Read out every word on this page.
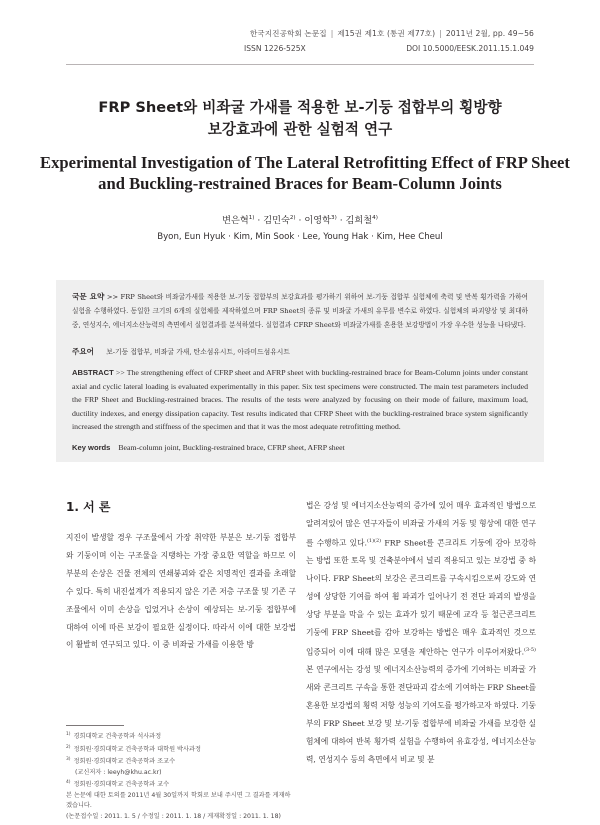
한국지진공학회 논문집 | 제15권 제1호 (통권 제77호) | 2011년 2월, pp. 49~56
ISSN 1226-525X	DOI 10.5000/EESK.2011.15.1.049
FRP Sheet와 비좌굴 가새를 적용한 보-기둥 접합부의 횡방향
보강효과에 관한 실험적 연구
Experimental Investigation of The Lateral Retrofitting Effect of FRP Sheet
and Buckling-restrained Braces for Beam-Column Joints
변은혁$^{1)}$ · 김민숙$^{2)}$ · 이영학$^{3)}$ · 김희철$^{4)}$
Byon, Eun Hyuk · Kim, Min Sook · Lee, Young Hak · Kim, Hee Cheul
국문 요약 >> FRP Sheet와 비좌굴가새를 적용한 보-기둥 접합부의 보강효과를 평가하기 위하여 보-기둥 접합부 실험체에 축력 및 반복 횡가력을 가하여 실험을 수행하였다. 동일한 크기의 6개의 실험체를 제작하였으며 FRP Sheet의 종류 및 비좌굴 가새의 유무를 변수로 하였다. 실험체의 파괴양상 및 최대하중, 연성지수, 에너지소산능력의 측면에서 실험결과를 분석하였다. 실험결과 CFRP Sheet와 비좌굴가새를 혼용한 보강방법이 가장 우수한 성능을 나타냈다.
주요어 보-기둥 접합부, 비좌굴 가새, 탄소섬유시트, 아라미드섬유시트
ABSTRACT >> The strengthening effect of CFRP sheet and AFRP sheet with buckling-restrained brace for Beam-Column joints under constant axial and cyclic lateral loading is evaluated experimentally in this paper. Six test specimens were constructed. The main test parameters included the FRP Sheet and Buckling-restrained braces. The results of the tests were analyzed by focusing on their mode of failure, maximum load, ductility indexes, and energy dissipation capacity. Test results indicated that CFRP Sheet with the buckling-restrained brace system significantly increased the strength and stiffness of the specimen and that it was the most adequate retrofitting method.
Key words Beam-column joint, Buckling-restrained brace, CFRP sheet, AFRP sheet
1. 서 론
지진이 발생할 경우 구조물에서 가장 취약한 부분은 보-기둥 접합부와 기둥이며 이는 구조물을 지탱하는 가장 중요한 역할을 하므로 이 부분의 손상은 건물 전체의 연쇄붕괴와 같은 치명적인 결과를 초래할 수 있다. 특히 내진설계가 적용되지 않은 기존 저층 구조물 및 기존 구조물에서 이미 손상을 입었거나 손상이 예상되는 보-기둥 접합부에 대하여 이에 따른 보강이 필요한 실정이다. 따라서 이에 대한 보강법이 활발히 연구되고 있다. 이 중 비좌굴 가새를 이용한 방
법은 강성 및 에너지소산능력의 증가에 있어 매우 효과적인 방법으로 알려져있어 많은 연구자들이 비좌굴 가새의 거동 및 형상에 대한 연구를 수행하고 있다.$^{(1)(2)}$ FRP Sheet를 콘크리트 기둥에 감아 보강하는 방법 또한 토목 및 건축분야에서 널리 적용되고 있는 보강법 중 하나이다. FRP Sheet의 보강은 콘크리트를 구속시킴으로써 강도와 연성에 상당한 기여를 하여 휨 파괴가 일어나기 전 전단 파괴의 발생을 상당 부분을 막을 수 있는 효과가 있기 때문에 교각 등 철근콘크리트 기둥에 FRP Sheet를 감아 보강하는 방법은 매우 효과적인 것으로 입증되어 이에 대해 많은 모델을 제안하는 연구가 이루어져왔다.$^{(3-5)}$ 본 연구에서는 강성 및 에너지소산능력의 증가에 기여하는 비좌굴 가새와 콘크리트 구속을 통한 전단파괴 감소에 기여하는 FRP Sheet를 혼용한 보강법의 횡력 저항 성능의 기여도를 평가하고자 하였다. 기둥부의 FRP Sheet 보강 및 보-기둥 접합부에 비좌굴 가새를 보강한 실험체에 대하여 반복 횡가력 실험을 수행하여 유효강성, 에너지소산능력, 연성지수 등의 측면에서 비교 및 분
$^{1)}$ 경희대학교 건축공학과 석사과정
$^{2)}$ 정회원·경희대학교 건축공학과 대학원 박사과정
$^{3)}$ 정회원·경희대학교 건축공학과 조교수
(교신저자 : leeyh@khu.ac.kr)
$^{4)}$ 정회원·경희대학교 건축공학과 교수
본 논문에 대한 토의를 2011년 4월 30일까지 학회로 보내 주시면 그 결과를 게재하겠습니다.
(논문접수일 : 2011. 1. 5 / 수정일 : 2011. 1. 18 / 게재확정일 : 2011. 1. 18)
